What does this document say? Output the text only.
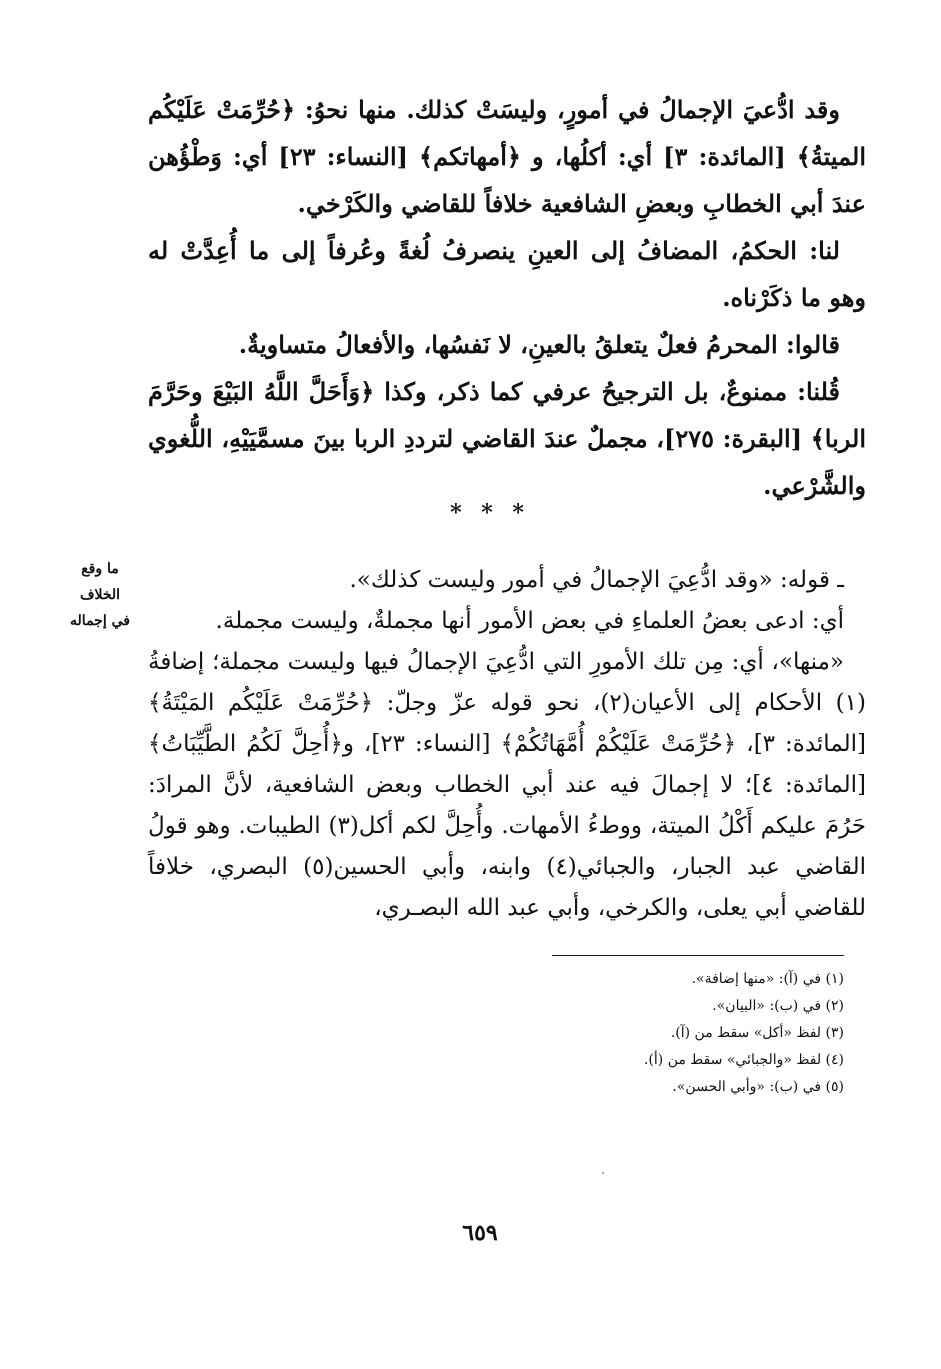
وقد ادُّعيَ الإجمالُ في أمورٍ، وليسَتْ كذلك. منها نحوُ: ﴿حُرِّمَتْ عَلَيْكُم الميتةُ﴾ [المائدة: ٣] أي: أكلُها، و ﴿أمهاتكم﴾ [النساء: ٢٣] أي: وَطْؤُهن عندَ أبي الخطابِ وبعضِ الشافعية خلافاً للقاضي والكَرْخي.

لنا: الحكمُ، المضافُ إلى العينِ ينصرفُ لُغةً وعُرفاً إلى ما أُعِدَّتْ له وهو ما ذكَرْناه.

قالوا: المحرمُ فعلٌ يتعلقُ بالعينِ، لا نَفسُها، والأفعالُ متساويةٌ.

قُلنا: ممنوعٌ، بل الترجيحُ عرفي كما ذكر، وكذا ﴿وَأَحَلَّ اللَّهُ البَيْعَ وحَرَّمَ الربا﴾ [البقرة: ٢٧٥]، مجملٌ عندَ القاضي لترددِ الربا بينَ مسمَّيَيْهِ، اللُّغوي والشَّرْعي.

* * *
ما وقع
الخلاف
في إجماله

ـ قوله: «وقد ادُّعِيَ الإجمالُ في أمور وليست كذلك».

أي: ادعى بعضُ العلماءِ في بعض الأمور أنها مجملةٌ، وليست مجملة.

«منها»، أي: مِن تلك الأمورِ التي ادُّعِيَ الإجمالُ فيها وليست مجملة؛ إضافةُ (١) الأحكام إلى الأعيان(٢)، نحو قوله عزّ وجلّ: ﴿حُرِّمَتْ عَلَيْكُم المَيْتَةُ﴾ [المائدة: ٣]، ﴿حُرِّمَتْ عَلَيْكُمْ أُمَّهَاتُكُمْ﴾ [النساء: ٢٣]، و﴿أُحِلَّ لَكُمُ الطَّيِّبَاتُ﴾ [المائدة: ٤]؛ لا إجمالَ فيه عند أبي الخطاب وبعض الشافعية، لأنَّ المرادَ: حَرُمَ عليكم أَكْلُ الميتة، ووطءُ الأمهات. وأُحِلَّ لكم أكل(٣) الطيبات. وهو قولُ القاضي عبد الجبار، والجبائي(٤) وابنه، وأبي الحسين(٥) البصري، خلافاً للقاضي أبي يعلى، والكرخي، وأبي عبد الله البصـري،

(١) في (آ): «منها إضافة».
(٢) في (ب): «البيان».
(٣) لفظ «أكل» سقط من (آ).
(٤) لفظ «والجبائي» سقط من (أ).
(٥) في (ب): «وأبي الحسن».
٦٥٩
